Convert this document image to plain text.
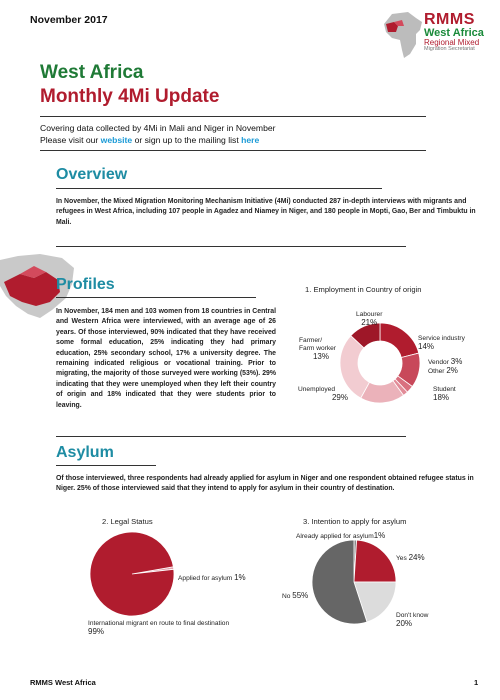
November 2017	RMMS
West Africa
Regional Mixed
Migration Secretariat
West Africa
Monthly 4Mi Update
Covering data collected by 4Mi in Mali and Niger in November
Please visit our website or sign up to the mailing list here
Overview
In November, the Mixed Migration Monitoring Mechanism Initiative (4Mi) conducted 287 in-depth interviews with migrants and refugees in West Africa, including 107 people in Agadez and Niamey in Niger, and 180 people in Mopti, Gao, Ber and Timbuktu in Mali.
Profiles
In November, 184 men and 103 women from 18 countries in Central and Western Africa were interviewed, with an average age of 26 years. Of those interviewed, 90% indicated that they have received some formal education, 25% indicating they had primary education, 25% secondary school, 17% a university degree. The remaining indicated religious or vocational training. Prior to migrating, the majority of those surveyed were working (53%). 29% indicating that they were unemployed when they left their country of origin and 18% indicated that they were students prior to leaving.
1. Employment in Country of origin
Labourer
21%
Service industry
14%
Vendor 3%
Other 2%
Student
18%
Unemployed
29%
Farmer/ Farm worker
13%
Asylum
Of those interviewed, three respondents had already applied for asylum in Niger and one respondent obtained refugee status in Niger. 25% of those interviewed said that they intend to apply for asylum in their country of destination.
2. Legal Status
Applied for asylum 1%
International migrant en route to final destination 99%
3. Intention to apply for asylum
Already applied for asylum1%
Yes 24%
Don't know
20%
No 55%
RMMS West Africa	1
